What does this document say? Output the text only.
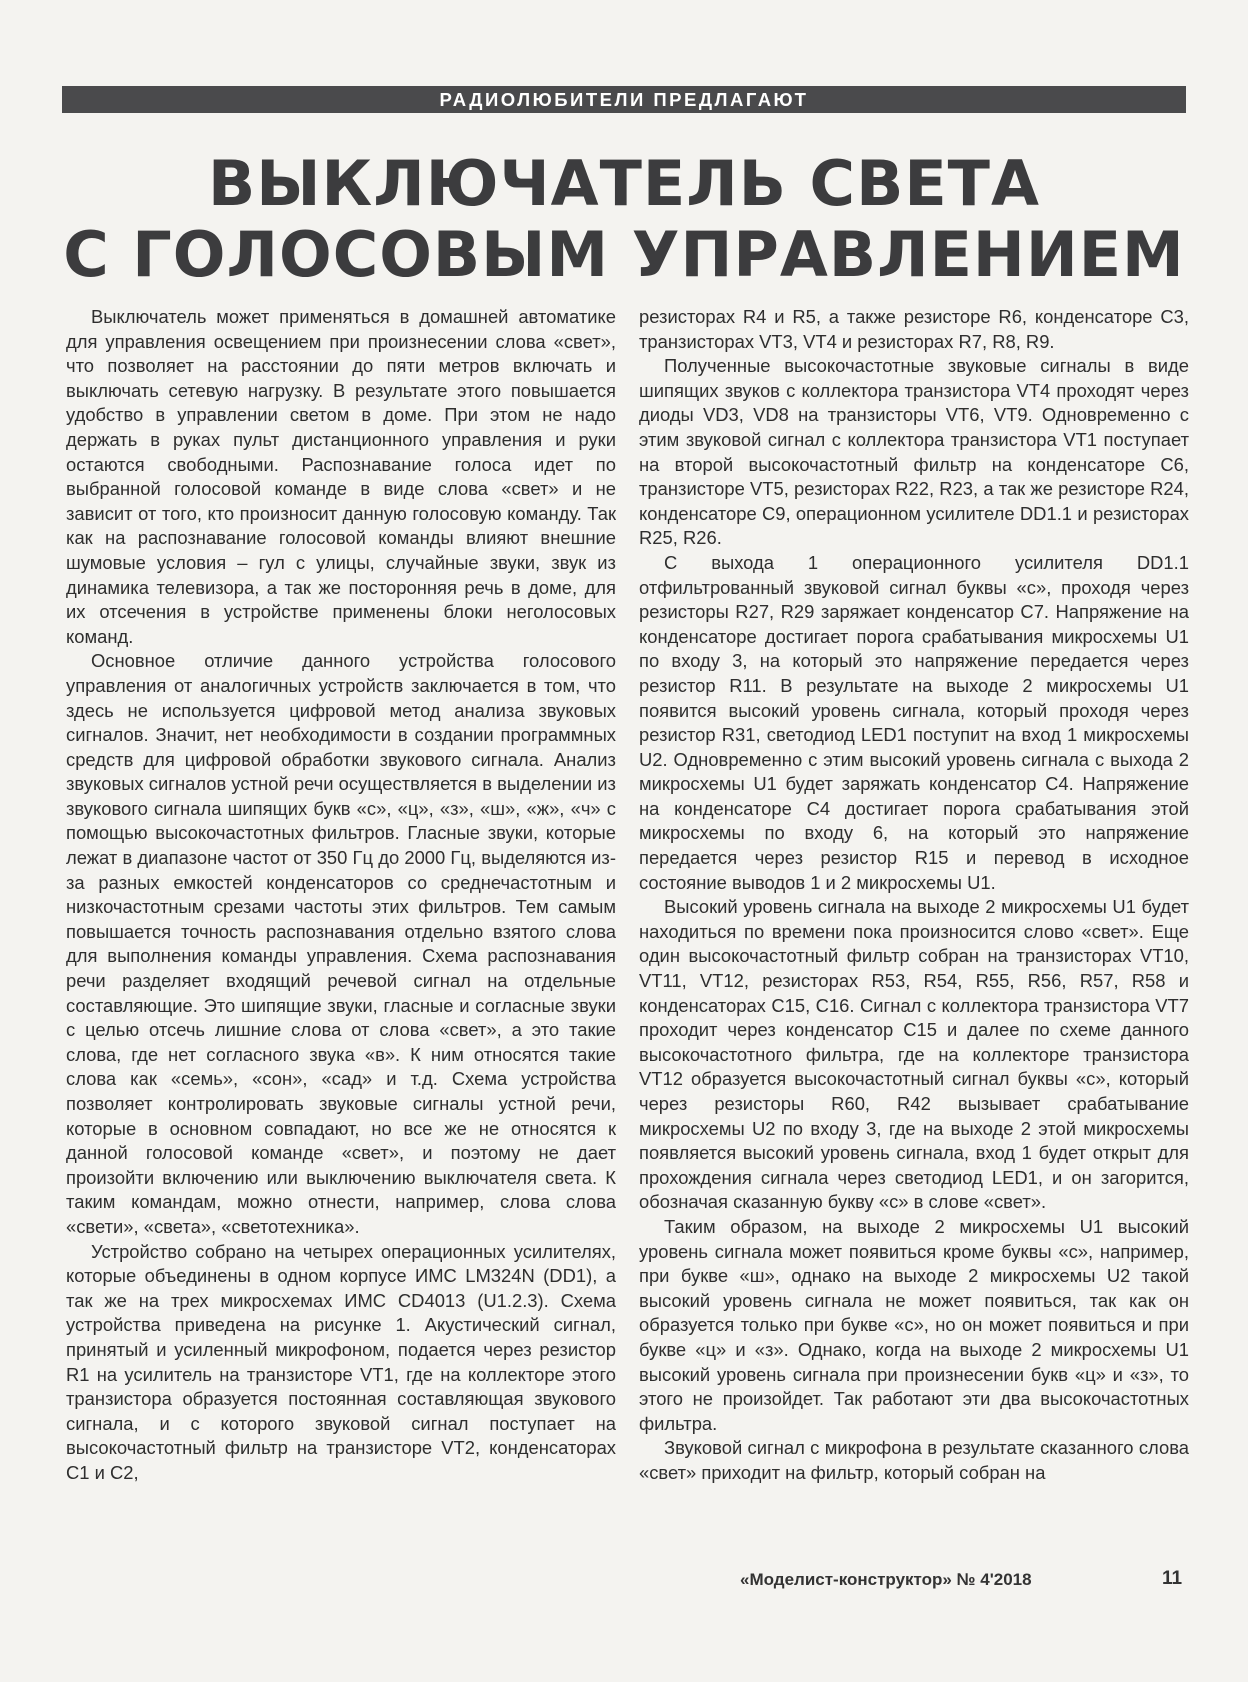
РАДИОЛЮБИТЕЛИ ПРЕДЛАГАЮТ
ВЫКЛЮЧАТЕЛЬ СВЕТА
С ГОЛОСОВЫМ УПРАВЛЕНИЕМ

Выключатель может применяться в домашней автоматике для управления освещением при произнесении слова «свет», что позволяет на расстоянии до пяти метров включать и выключать сетевую нагрузку. В результате этого повышается удобство в управлении светом в доме. При этом не надо держать в руках пульт дистанционного управления и руки остаются свободными. Распознавание голоса идет по выбранной голосовой команде в виде слова «свет» и не зависит от того, кто произносит данную голосовую команду. Так как на распознавание голосовой команды влияют внешние шумовые условия – гул с улицы, случайные звуки, звук из динамика телевизора, а так же посторонняя речь в доме, для их отсечения в устройстве применены блоки неголосовых команд.

Основное отличие данного устройства голосового управления от аналогичных устройств заключается в том, что здесь не используется цифровой метод анализа звуковых сигналов. Значит, нет необходимости в создании программных средств для цифровой обработки звукового сигнала. Анализ звуковых сигналов устной речи осуществляется в выделении из звукового сигнала шипящих букв «с», «ц», «з», «ш», «ж», «ч» с помощью высокочастотных фильтров. Гласные звуки, которые лежат в диапазоне частот от 350 Гц до 2000 Гц, выделяются из-за разных емкостей конденсаторов со среднечастотным и низкочастотным срезами частоты этих фильтров. Тем самым повышается точность распознавания отдельно взятого слова для выполнения команды управления. Схема распознавания речи разделяет входящий речевой сигнал на отдельные составляющие. Это шипящие звуки, гласные и согласные звуки с целью отсечь лишние слова от слова «свет», а это такие слова, где нет согласного звука «в». К ним относятся такие слова как «семь», «сон», «сад» и т.д. Схема устройства позволяет контролировать звуковые сигналы устной речи, которые в основном совпадают, но все же не относятся к данной голосовой команде «свет», и поэтому не дает произойти включению или выключению выключателя света. К таким командам, можно отнести, например, слова слова «свети», «света», «светотехника».

Устройство собрано на четырех операционных усилителях, которые объединены в одном корпусе ИМС LM324N (DD1), а так же на трех микросхемах ИМС CD4013 (U1.2.3). Схема устройства приведена на рисунке 1. Акустический сигнал, принятый и усиленный микрофоном, подается через резистор R1 на усилитель на транзисторе VT1, где на коллекторе этого транзистора образуется постоянная составляющая звукового сигнала, и с которого звуковой сигнал поступает на высокочастотный фильтр на транзисторе VT2, конденсаторах C1 и C2,

резисторах R4 и R5, а также резисторе R6, конденсаторе C3, транзисторах VT3, VT4 и резисторах R7, R8, R9.

Полученные высокочастотные звуковые сигналы в виде шипящих звуков с коллектора транзистора VT4 проходят через диоды VD3, VD8 на транзисторы VT6, VT9. Одновременно с этим звуковой сигнал с коллектора транзистора VT1 поступает на второй высокочастотный фильтр на конденсаторе C6, транзисторе VT5, резисторах R22, R23, а так же резисторе R24, конденсаторе C9, операционном усилителе DD1.1 и резисторах R25, R26.

С выхода 1 операционного усилителя DD1.1 отфильтрованный звуковой сигнал буквы «с», проходя через резисторы R27, R29 заряжает конденсатор C7. Напряжение на конденсаторе достигает порога срабатывания микросхемы U1 по входу 3, на который это напряжение передается через резистор R11. В результате на выходе 2 микросхемы U1 появится высокий уровень сигнала, который проходя через резистор R31, светодиод LED1 поступит на вход 1 микросхемы U2. Одновременно с этим высокий уровень сигнала с выхода 2 микросхемы U1 будет заряжать конденсатор C4. Напряжение на конденсаторе C4 достигает порога срабатывания этой микросхемы по входу 6, на который это напряжение передается через резистор R15 и перевод в исходное состояние выводов 1 и 2 микросхемы U1.

Высокий уровень сигнала на выходе 2 микросхемы U1 будет находиться по времени пока произносится слово «свет». Еще один высокочастотный фильтр собран на транзисторах VT10, VT11, VT12, резисторах R53, R54, R55, R56, R57, R58 и конденсаторах C15, C16. Сигнал с коллектора транзистора VT7 проходит через конденсатор C15 и далее по схеме данного высокочастотного фильтра, где на коллекторе транзистора VT12 образуется высокочастотный сигнал буквы «с», который через резисторы R60, R42 вызывает срабатывание микросхемы U2 по входу 3, где на выходе 2 этой микросхемы появляется высокий уровень сигнала, вход 1 будет открыт для прохождения сигнала через светодиод LED1, и он загорится, обозначая сказанную букву «с» в слове «свет».

Таким образом, на выходе 2 микросхемы U1 высокий уровень сигнала может появиться кроме буквы «с», например, при букве «ш», однако на выходе 2 микросхемы U2 такой высокий уровень сигнала не может появиться, так как он образуется только при букве «с», но он может появиться и при букве «ц» и «з». Однако, когда на выходе 2 микросхемы U1 высокий уровень сигнала при произнесении букв «ц» и «з», то этого не произойдет. Так работают эти два высокочастотных фильтра.

Звуковой сигнал с микрофона в результате сказанного слова «свет» приходит на фильтр, который собран на

«Моделист-конструктор» № 4'2018	11
